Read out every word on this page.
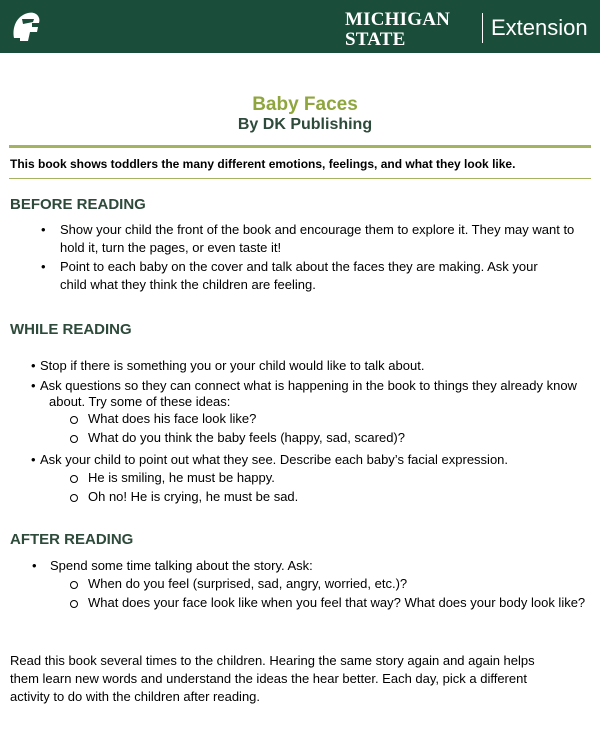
MICHIGAN STATE
UNIVERSITY
Extension
Baby Faces
By DK Publishing
This book shows toddlers the many different emotions, feelings, and what they look like.
BEFORE READING
• Show your child the front of the book and encourage them to explore it. They may want to
hold it, turn the pages, or even taste it!
• Point to each baby on the cover and talk about the faces they are making. Ask your
child what they think the children are feeling.
WHILE READING
• Stop if there is something you or your child would like to talk about.
• Ask questions so they can connect what is happening in the book to things they already know
about. Try some of these ideas:
What does his face look like?
What do you think the baby feels (happy, sad, scared)?
• Ask your child to point out what they see. Describe each baby’s facial expression.
He is smiling, he must be happy.
Oh no! He is crying, he must be sad.
AFTER READING
• Spend some time talking about the story. Ask:
When do you feel (surprised, sad, angry, worried, etc.)?
What does your face look like when you feel that way? What does your body look like?
Read this book several times to the children. Hearing the same story again and again helps
them learn new words and understand the ideas the hear better. Each day, pick a different
activity to do with the children after reading.
